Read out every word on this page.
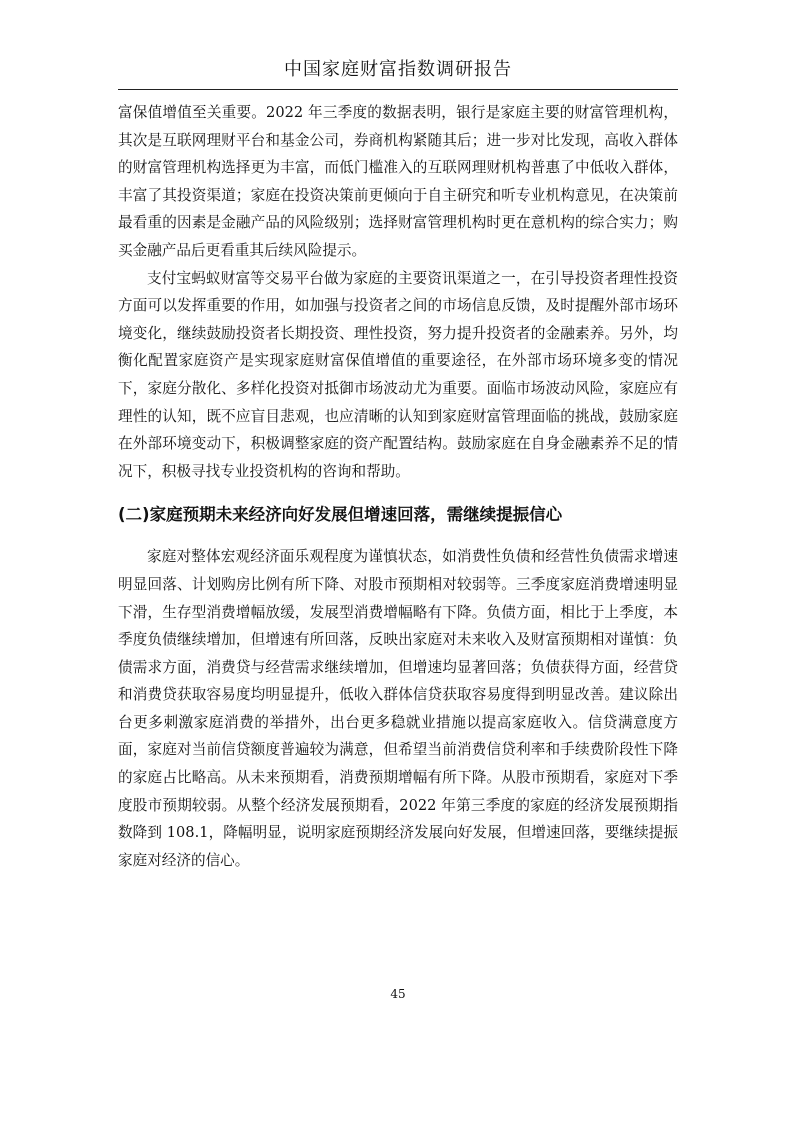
中国家庭财富指数调研报告

富保值增值至关重要。2022 年三季度的数据表明，银行是家庭主要的财富管理机构，其次是互联网理财平台和基金公司，券商机构紧随其后；进一步对比发现，高收入群体的财富管理机构选择更为丰富，而低门槛准入的互联网理财机构普惠了中低收入群体，丰富了其投资渠道；家庭在投资决策前更倾向于自主研究和听专业机构意见，在决策前最看重的因素是金融产品的风险级别；选择财富管理机构时更在意机构的综合实力；购买金融产品后更看重其后续风险提示。

支付宝蚂蚁财富等交易平台做为家庭的主要资讯渠道之一，在引导投资者理性投资方面可以发挥重要的作用，如加强与投资者之间的市场信息反馈，及时提醒外部市场环境变化，继续鼓励投资者长期投资、理性投资，努力提升投资者的金融素养。另外，均衡化配置家庭资产是实现家庭财富保值增值的重要途径，在外部市场环境多变的情况下，家庭分散化、多样化投资对抵御市场波动尤为重要。面临市场波动风险，家庭应有理性的认知，既不应盲目悲观，也应清晰的认知到家庭财富管理面临的挑战，鼓励家庭在外部环境变动下，积极调整家庭的资产配置结构。鼓励家庭在自身金融素养不足的情况下，积极寻找专业投资机构的咨询和帮助。

(二)家庭预期未来经济向好发展但增速回落，需继续提振信心

家庭对整体宏观经济面乐观程度为谨慎状态，如消费性负债和经营性负债需求增速明显回落、计划购房比例有所下降、对股市预期相对较弱等。三季度家庭消费增速明显下滑，生存型消费增幅放缓，发展型消费增幅略有下降。负债方面，相比于上季度，本季度负债继续增加，但增速有所回落，反映出家庭对未来收入及财富预期相对谨慎：负债需求方面，消费贷与经营需求继续增加，但增速均显著回落；负债获得方面，经营贷和消费贷获取容易度均明显提升，低收入群体信贷获取容易度得到明显改善。建议除出台更多刺激家庭消费的举措外，出台更多稳就业措施以提高家庭收入。信贷满意度方面，家庭对当前信贷额度普遍较为满意，但希望当前消费信贷利率和手续费阶段性下降的家庭占比略高。从未来预期看，消费预期增幅有所下降。从股市预期看，家庭对下季度股市预期较弱。从整个经济发展预期看，2022 年第三季度的家庭的经济发展预期指数降到 108.1，降幅明显，说明家庭预期经济发展向好发展，但增速回落，要继续提振家庭对经济的信心。

45
